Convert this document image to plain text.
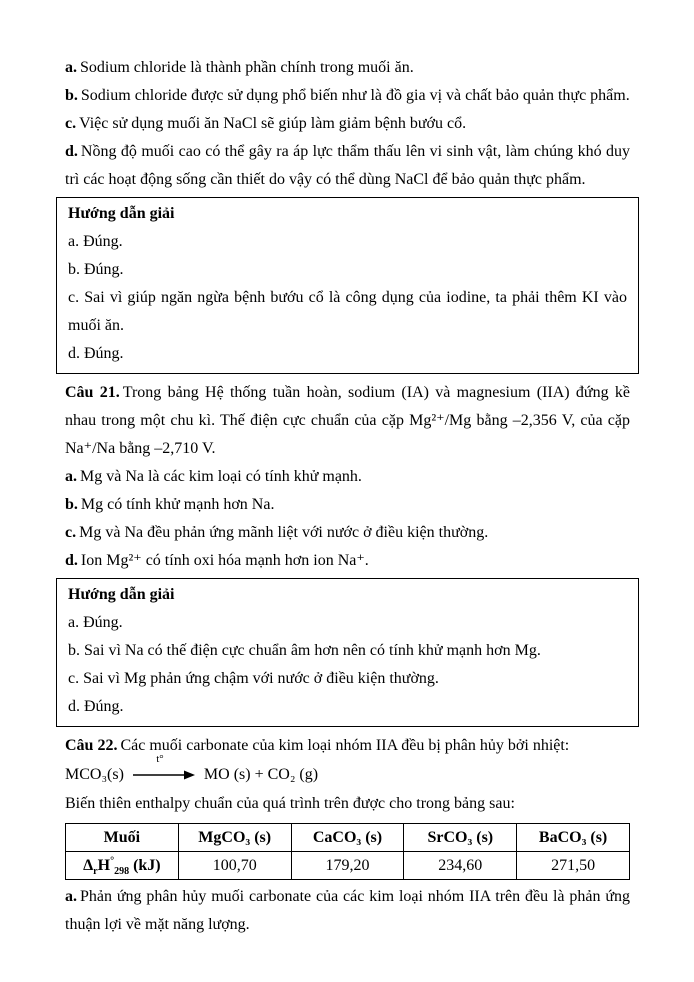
a. Sodium chloride là thành phần chính trong muối ăn.

b. Sodium chloride được sử dụng phổ biến như là đồ gia vị và chất bảo quản thực phẩm.

c. Việc sử dụng muối ăn NaCl sẽ giúp làm giảm bệnh bướu cổ.

d. Nồng độ muối cao có thể gây ra áp lực thẩm thấu lên vi sinh vật, làm chúng khó duy trì các hoạt động sống cần thiết do vậy có thể dùng NaCl để bảo quản thực phẩm.

Hướng dẫn giải

a. Đúng.

b. Đúng.

c. Sai vì giúp ngăn ngừa bệnh bướu cổ là công dụng của iodine, ta phải thêm KI vào muối ăn.

d. Đúng.

Câu 21. Trong bảng Hệ thống tuần hoàn, sodium (IA) và magnesium (IIA) đứng kề nhau trong một chu kì. Thế điện cực chuẩn của cặp Mg²⁺/Mg bằng –2,356 V, của cặp Na⁺/Na bằng –2,710 V.

a. Mg và Na là các kim loại có tính khử mạnh.

b. Mg có tính khử mạnh hơn Na.

c. Mg và Na đều phản ứng mãnh liệt với nước ở điều kiện thường.

d. Ion Mg²⁺ có tính oxi hóa mạnh hơn ion Na⁺.

Hướng dẫn giải

a. Đúng.

b. Sai vì Na có thế điện cực chuẩn âm hơn nên có tính khử mạnh hơn Mg.

c. Sai vì Mg phản ứng chậm với nước ở điều kiện thường.

d. Đúng.

Câu 22. Các muối carbonate của kim loại nhóm IIA đều bị phân hủy bởi nhiệt:

MCO₃(s)
t°
MO (s) + CO₂ (g)

Biến thiên enthalpy chuẩn của quá trình trên được cho trong bảng sau:

Muối	MgCO₃ (s)	CaCO₃ (s)	SrCO₃ (s)	BaCO₃ (s)
$\Delta_rH^\circ_{298}$ (kJ)	100,70	179,20	234,60	271,50

a. Phản ứng phân hủy muối carbonate của các kim loại nhóm IIA trên đều là phản ứng thuận lợi về mặt năng lượng.
